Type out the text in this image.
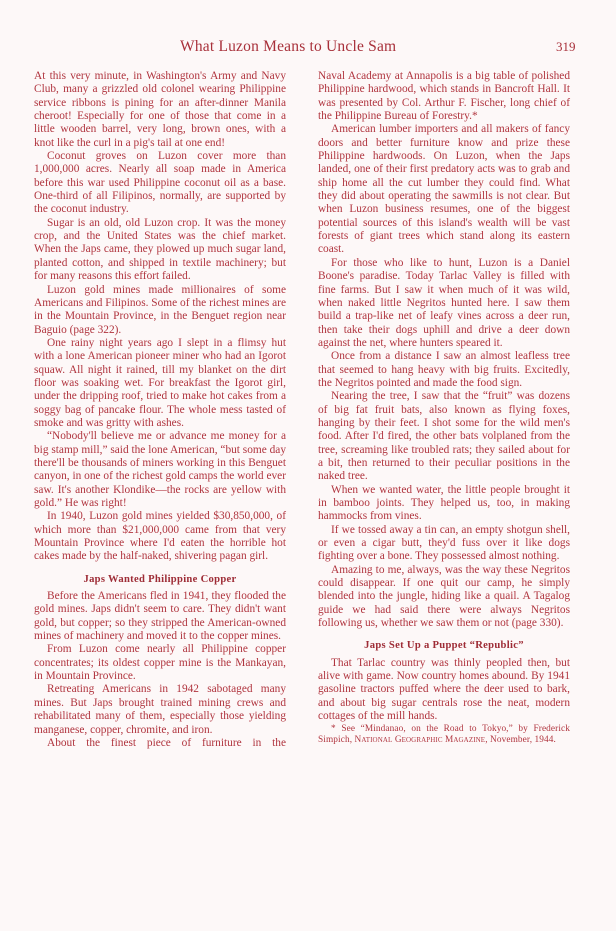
What Luzon Means to Uncle Sam	319

At this very minute, in Washington's Army and Navy Club, many a grizzled old colonel wearing Philippine service ribbons is pining for an after-dinner Manila cheroot! Especially for one of those that come in a little wooden barrel, very long, brown ones, with a knot like the curl in a pig's tail at one end!

Coconut groves on Luzon cover more than 1,000,000 acres. Nearly all soap made in America before this war used Philippine coconut oil as a base. One-third of all Filipinos, normally, are supported by the coconut industry.

Sugar is an old, old Luzon crop. It was the money crop, and the United States was the chief market. When the Japs came, they plowed up much sugar land, planted cotton, and shipped in textile machinery; but for many reasons this effort failed.

Luzon gold mines made millionaires of some Americans and Filipinos. Some of the richest mines are in the Mountain Province, in the Benguet region near Baguio (page 322).

One rainy night years ago I slept in a flimsy hut with a lone American pioneer miner who had an Igorot squaw. All night it rained, till my blanket on the dirt floor was soaking wet. For breakfast the Igorot girl, under the dripping roof, tried to make hot cakes from a soggy bag of pancake flour. The whole mess tasted of smoke and was gritty with ashes.

“Nobody'll believe me or advance me money for a big stamp mill,” said the lone American, “but some day there'll be thousands of miners working in this Benguet canyon, in one of the richest gold camps the world ever saw. It's another Klondike—the rocks are yellow with gold.” He was right!

In 1940, Luzon gold mines yielded $30,850,000, of which more than $21,000,000 came from that very Mountain Province where I'd eaten the horrible hot cakes made by the half-naked, shivering pagan girl.

Japs Wanted Philippine Copper

Before the Americans fled in 1941, they flooded the gold mines. Japs didn't seem to care. They didn't want gold, but copper; so they stripped the American-owned mines of machinery and moved it to the copper mines.

From Luzon come nearly all Philippine copper concentrates; its oldest copper mine is the Mankayan, in Mountain Province.

Retreating Americans in 1942 sabotaged many mines. But Japs brought trained mining crews and rehabilitated many of them, especially those yielding manganese, copper, chromite, and iron.

About the finest piece of furniture in the

Naval Academy at Annapolis is a big table of polished Philippine hardwood, which stands in Bancroft Hall. It was presented by Col. Arthur F. Fischer, long chief of the Philippine Bureau of Forestry.*

American lumber importers and all makers of fancy doors and better furniture know and prize these Philippine hardwoods. On Luzon, when the Japs landed, one of their first predatory acts was to grab and ship home all the cut lumber they could find. What they did about operating the sawmills is not clear. But when Luzon business resumes, one of the biggest potential sources of this island's wealth will be vast forests of giant trees which stand along its eastern coast.

For those who like to hunt, Luzon is a Daniel Boone's paradise. Today Tarlac Valley is filled with fine farms. But I saw it when much of it was wild, when naked little Negritos hunted here. I saw them build a trap-like net of leafy vines across a deer run, then take their dogs uphill and drive a deer down against the net, where hunters speared it.

Once from a distance I saw an almost leafless tree that seemed to hang heavy with big fruits. Excitedly, the Negritos pointed and made the food sign.

Nearing the tree, I saw that the “fruit” was dozens of big fat fruit bats, also known as flying foxes, hanging by their feet. I shot some for the wild men's food. After I'd fired, the other bats volplaned from the tree, screaming like troubled rats; they sailed about for a bit, then returned to their peculiar positions in the naked tree.

When we wanted water, the little people brought it in bamboo joints. They helped us, too, in making hammocks from vines.

If we tossed away a tin can, an empty shotgun shell, or even a cigar butt, they'd fuss over it like dogs fighting over a bone. They possessed almost nothing.

Amazing to me, always, was the way these Negritos could disappear. If one quit our camp, he simply blended into the jungle, hiding like a quail. A Tagalog guide we had said there were always Negritos following us, whether we saw them or not (page 330).

Japs Set Up a Puppet “Republic”

That Tarlac country was thinly peopled then, but alive with game. Now country homes abound. By 1941 gasoline tractors puffed where the deer used to bark, and about big sugar centrals rose the neat, modern cottages of the mill hands.

* See “Mindanao, on the Road to Tokyo,” by Frederick Simpich, National Geographic Magazine, November, 1944.
